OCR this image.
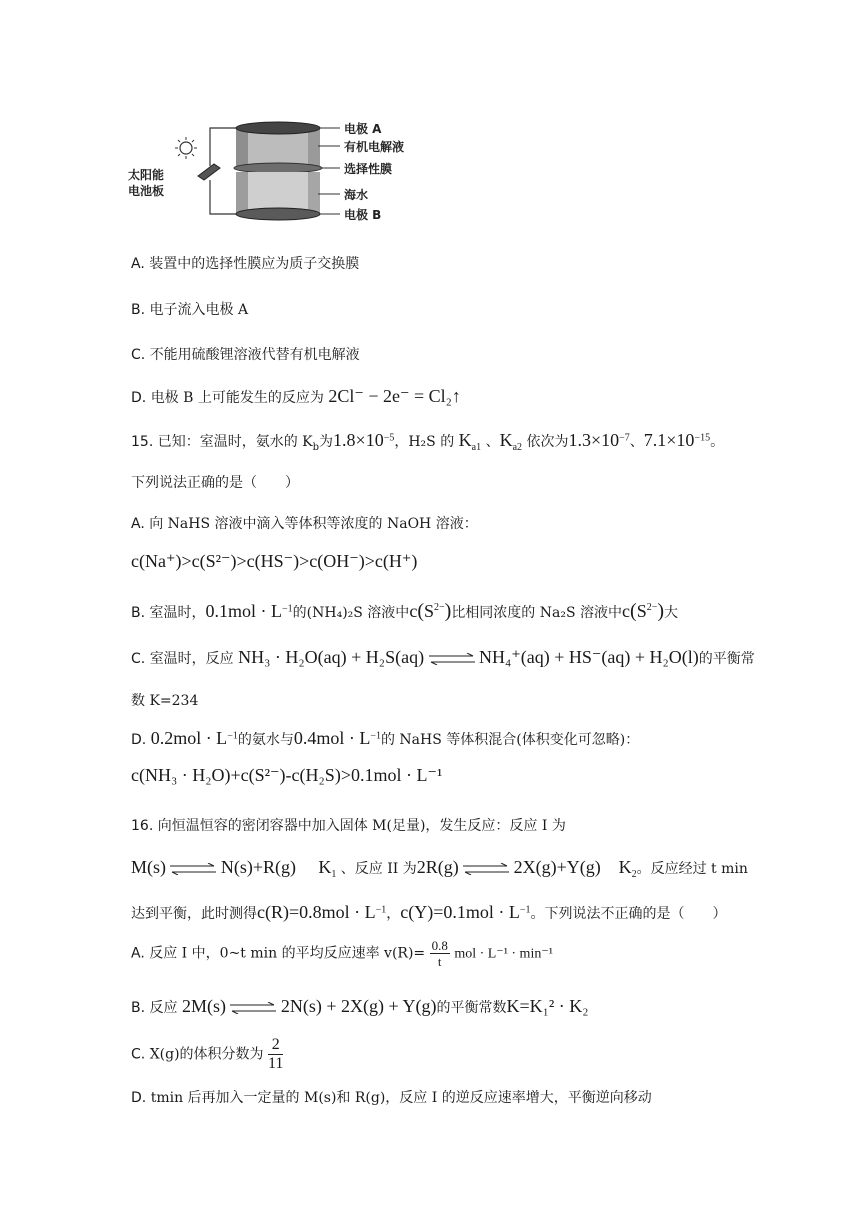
电极 A
有机电解液
选择性膜
海水
电极 B
太阳能
电池板
A. 装置中的选择性膜应为质子交换膜
B. 电子流入电极 A
C. 不能用硫酸锂溶液代替有机电解液
D. 电极 B 上可能发生的反应为 2Cl⁻ − 2e⁻ = Cl₂↑
15. 已知：室温时，氨水的 $K_b$为$1.8\times 10^{-5}$，H₂S 的 $K_{a1}$ 、$K_{a2}$ 依次为$1.3\times 10^{-7}$、$7.1\times 10^{-15}$。
下列说法正确的是（　　）
A. 向 NaHS 溶液中滴入等体积等浓度的 NaOH 溶液：
c(Na⁺)>c(S²⁻)>c(HS⁻)>c(OH⁻)>c(H⁺)
B. 室温时，$0.1mol \cdot L^{-1}$的(NH₄)₂S 溶液中$c(S^{2-})$比相同浓度的 Na₂S 溶液中$c(S^{2-})$大
C. 室温时，反应 NH₃ · H₂O(aq) + H₂S(aq) ⇌ NH₄⁺(aq) + HS⁻(aq) + H₂O(l)的平衡常
数 K=234
D. $0.2mol \cdot L^{-1}$的氨水与$0.4mol \cdot L^{-1}$的 NaHS 等体积混合(体积变化可忽略)：
c(NH₃ · H₂O)+c(S²⁻)-c(H₂S)>0.1mol · L⁻¹
16. 向恒温恒容的密闭容器中加入固体 M(足量)，发生反应：反应 I 为
M(s) ⇌ N(s)+R(g) $K_1$ 、反应 II 为2R(g) ⇌ 2X(g)+Y(g) $K_2$。反应经过 t min
达到平衡，此时测得$c(R)=0.8mol \cdot L^{-1}$，$c(Y)=0.1mol \cdot L^{-1}$。下列说法不正确的是（　　）
A. 反应 I 中，0~t min 的平均反应速率 $v(R)= \frac{0.8}{t}$ mol · L⁻¹ · min⁻¹
B. 反应 2M(s) ⇌ 2N(s) + 2X(g) + Y(g)的平衡常数K=K₁² · K₂
C. X(g)的体积分数为 $\frac{2}{11}$
D. tmin 后再加入一定量的 M(s)和 R(g)，反应 I 的逆反应速率增大，平衡逆向移动
